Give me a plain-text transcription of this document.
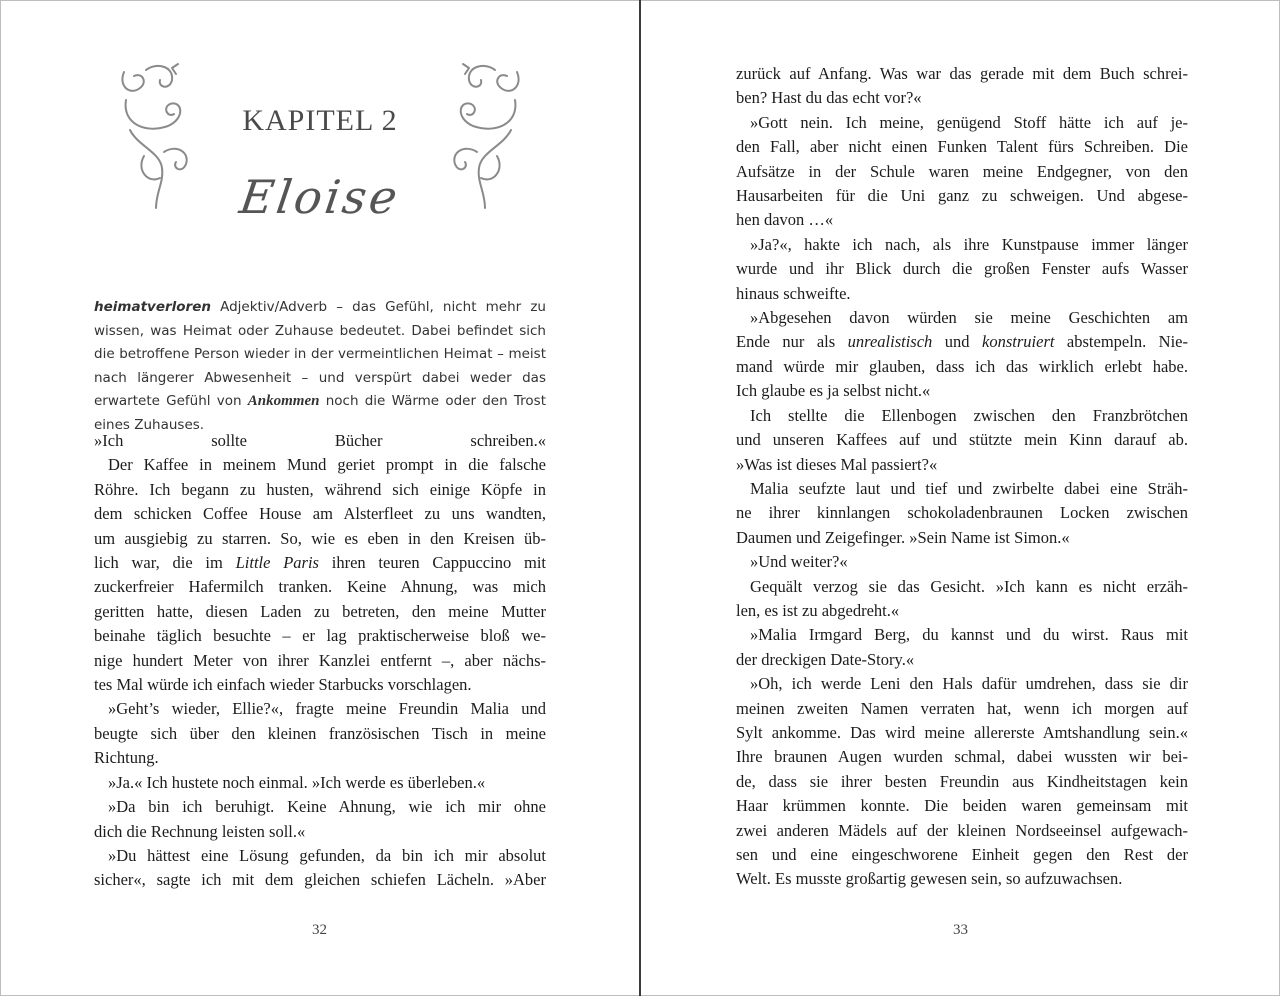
KAPITEL 2
Eloise

heimatverloren Adjektiv/Adverb – das Gefühl, nicht mehr zu wissen, was Heimat oder Zuhause bedeutet. Dabei befindet sich die betroffene Person wieder in der vermeintlichen Heimat – meist nach längerer Abwesenheit – und verspürt dabei weder das erwartete Gefühl von Ankommen noch die Wärme oder den Trost eines Zuhauses.

»Ich sollte Bücher schreiben.«

Der Kaffee in meinem Mund geriet prompt in die falsche

Röhre. Ich begann zu husten, während sich einige Köpfe in

dem schicken Coffee House am Alsterfleet zu uns wandten,

um ausgiebig zu starren. So, wie es eben in den Kreisen üb-

lich war, die im Little Paris ihren teuren Cappuccino mit

zuckerfreier Hafermilch tranken. Keine Ahnung, was mich

geritten hatte, diesen Laden zu betreten, den meine Mutter

beinahe täglich besuchte – er lag praktischerweise bloß we-

nige hundert Meter von ihrer Kanzlei entfernt –, aber nächs-

tes Mal würde ich einfach wieder Starbucks vorschlagen.

»Geht’s wieder, Ellie?«, fragte meine Freundin Malia und

beugte sich über den kleinen französischen Tisch in meine

Richtung.

»Ja.« Ich hustete noch einmal. »Ich werde es überleben.«

»Da bin ich beruhigt. Keine Ahnung, wie ich mir ohne

dich die Rechnung leisten soll.«

»Du hättest eine Lösung gefunden, da bin ich mir absolut

sicher«, sagte ich mit dem gleichen schiefen Lächeln. »Aber

32

zurück auf Anfang. Was war das gerade mit dem Buch schrei-

ben? Hast du das echt vor?«

»Gott nein. Ich meine, genügend Stoff hätte ich auf je-

den Fall, aber nicht einen Funken Talent fürs Schreiben. Die

Aufsätze in der Schule waren meine Endgegner, von den

Hausarbeiten für die Uni ganz zu schweigen. Und abgese-

hen davon …«

»Ja?«, hakte ich nach, als ihre Kunstpause immer länger

wurde und ihr Blick durch die großen Fenster aufs Wasser

hinaus schweifte.

»Abgesehen davon würden sie meine Geschichten am

Ende nur als unrealistisch und konstruiert abstempeln. Nie-

mand würde mir glauben, dass ich das wirklich erlebt habe.

Ich glaube es ja selbst nicht.«

Ich stellte die Ellenbogen zwischen den Franzbrötchen

und unseren Kaffees auf und stützte mein Kinn darauf ab.

»Was ist dieses Mal passiert?«

Malia seufzte laut und tief und zwirbelte dabei eine Sträh-

ne ihrer kinnlangen schokoladenbraunen Locken zwischen

Daumen und Zeigefinger. »Sein Name ist Simon.«

»Und weiter?«

Gequält verzog sie das Gesicht. »Ich kann es nicht erzäh-

len, es ist zu abgedreht.«

»Malia Irmgard Berg, du kannst und du wirst. Raus mit

der dreckigen Date-Story.«

»Oh, ich werde Leni den Hals dafür umdrehen, dass sie dir

meinen zweiten Namen verraten hat, wenn ich morgen auf

Sylt ankomme. Das wird meine allererste Amtshandlung sein.«

Ihre braunen Augen wurden schmal, dabei wussten wir bei-

de, dass sie ihrer besten Freundin aus Kindheitstagen kein

Haar krümmen konnte. Die beiden waren gemeinsam mit

zwei anderen Mädels auf der kleinen Nordseeinsel aufgewach-

sen und eine eingeschworene Einheit gegen den Rest der

Welt. Es musste großartig gewesen sein, so aufzuwachsen.

33
